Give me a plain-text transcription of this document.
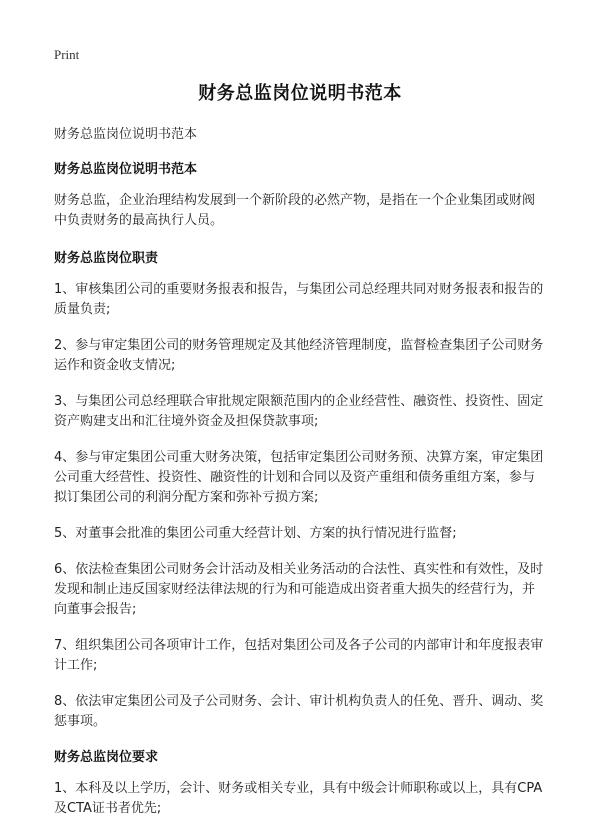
Print
财务总监岗位说明书范本
财务总监岗位说明书范本
财务总监岗位说明书范本
财务总监，企业治理结构发展到一个新阶段的必然产物，是指在一个企业集团或财阀中负责财务的最高执行人员。
财务总监岗位职责
1、审核集团公司的重要财务报表和报告，与集团公司总经理共同对财务报表和报告的质量负责;
2、参与审定集团公司的财务管理规定及其他经济管理制度，监督检查集团子公司财务运作和资金收支情况;
3、与集团公司总经理联合审批规定限额范围内的企业经营性、融资性、投资性、固定资产购建支出和汇往境外资金及担保贷款事项;
4、参与审定集团公司重大财务决策，包括审定集团公司财务预、决算方案，审定集团公司重大经营性、投资性、融资性的计划和合同以及资产重组和债务重组方案，参与拟订集团公司的利润分配方案和弥补亏损方案;
5、对董事会批准的集团公司重大经营计划、方案的执行情况进行监督;
6、依法检查集团公司财务会计活动及相关业务活动的合法性、真实性和有效性，及时发现和制止违反国家财经法律法规的行为和可能造成出资者重大损失的经营行为，并向董事会报告;
7、组织集团公司各项审计工作，包括对集团公司及各子公司的内部审计和年度报表审计工作;
8、依法审定集团公司及子公司财务、会计、审计机构负责人的任免、晋升、调动、奖惩事项。
财务总监岗位要求
1、本科及以上学历，会计、财务或相关专业，具有中级会计师职称或以上，具有CPA及CTA证书者优先;
